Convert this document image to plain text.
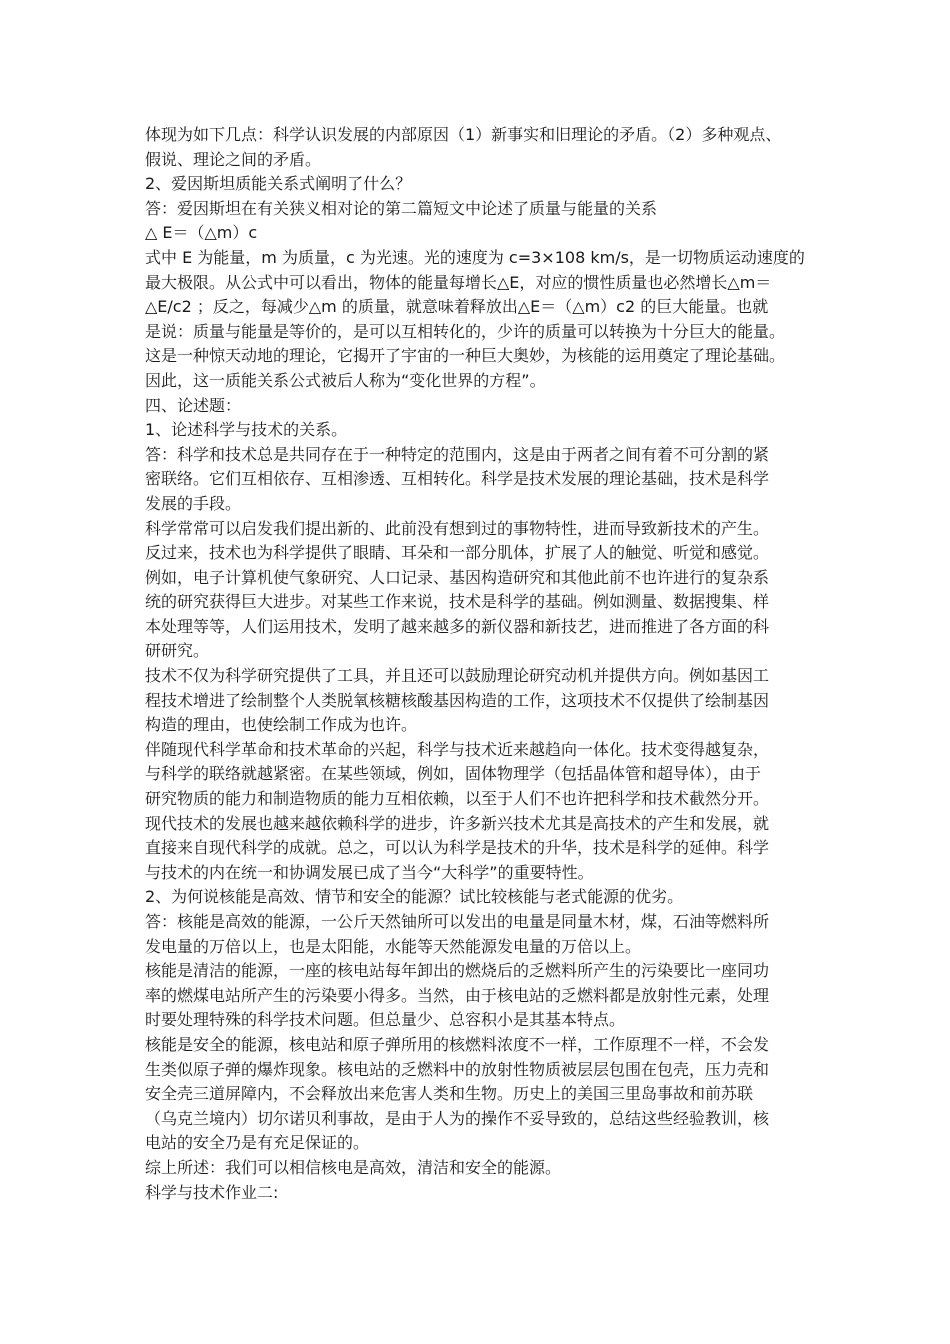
体现为如下几点：科学认识发展的内部原因（1）新事实和旧理论的矛盾。（2）多种观点、
假说、理论之间的矛盾。
2、爱因斯坦质能关系式阐明了什么？
答：爱因斯坦在有关狭义相对论的第二篇短文中论述了质量与能量的关系
△ E＝（△m）c
式中 E 为能量，m 为质量，c 为光速。光的速度为 c=3×108 km/s，是一切物质运动速度的
最大极限。从公式中可以看出，物体的能量每增长△E，对应的惯性质量也必然增长△m＝
△E/c2 ；反之，每减少△m 的质量，就意味着释放出△E＝（△m）c2 的巨大能量。也就
是说：质量与能量是等价的，是可以互相转化的，少许的质量可以转换为十分巨大的能量。
这是一种惊天动地的理论，它揭开了宇宙的一种巨大奥妙，为核能的运用奠定了理论基础。
因此，这一质能关系公式被后人称为“变化世界的方程”。
四、论述题：
1、论述科学与技术的关系。
答：科学和技术总是共同存在于一种特定的范围内，这是由于两者之间有着不可分割的紧
密联络。它们互相依存、互相渗透、互相转化。科学是技术发展的理论基础，技术是科学
发展的手段。
科学常常可以启发我们提出新的、此前没有想到过的事物特性，进而导致新技术的产生。
反过来，技术也为科学提供了眼睛、耳朵和一部分肌体，扩展了人的触觉、听觉和感觉。
例如，电子计算机使气象研究、人口记录、基因构造研究和其他此前不也许进行的复杂系
统的研究获得巨大进步。对某些工作来说，技术是科学的基础。例如测量、数据搜集、样
本处理等等，人们运用技术，发明了越来越多的新仪器和新技艺，进而推进了各方面的科
研研究。
技术不仅为科学研究提供了工具，并且还可以鼓励理论研究动机并提供方向。例如基因工
程技术增进了绘制整个人类脱氧核糖核酸基因构造的工作，这项技术不仅提供了绘制基因
构造的理由，也使绘制工作成为也许。
伴随现代科学革命和技术革命的兴起，科学与技术近来越趋向一体化。技术变得越复杂，
与科学的联络就越紧密。在某些领域，例如，固体物理学（包括晶体管和超导体），由于
研究物质的能力和制造物质的能力互相依赖，以至于人们不也许把科学和技术截然分开。
现代技术的发展也越来越依赖科学的进步，许多新兴技术尤其是高技术的产生和发展，就
直接来自现代科学的成就。总之，可以认为科学是技术的升华，技术是科学的延伸。科学
与技术的内在统一和协调发展已成了当今“大科学”的重要特性。
2、为何说核能是高效、情节和安全的能源？试比较核能与老式能源的优劣。
答：核能是高效的能源，一公斤天然铀所可以发出的电量是同量木材，煤，石油等燃料所
发电量的万倍以上，也是太阳能，水能等天然能源发电量的万倍以上。
核能是清洁的能源，一座的核电站每年卸出的燃烧后的乏燃料所产生的污染要比一座同功
率的燃煤电站所产生的污染要小得多。当然，由于核电站的乏燃料都是放射性元素，处理
时要处理特殊的科学技术问题。但总量少、总容积小是其基本特点。
核能是安全的能源，核电站和原子弹所用的核燃料浓度不一样，工作原理不一样，不会发
生类似原子弹的爆炸现象。核电站的乏燃料中的放射性物质被层层包围在包壳，压力壳和
安全壳三道屏障内，不会释放出来危害人类和生物。历史上的美国三里岛事故和前苏联
（乌克兰境内）切尔诺贝利事故，是由于人为的操作不妥导致的，总结这些经验教训，核
电站的安全乃是有充足保证的。
综上所述：我们可以相信核电是高效，清洁和安全的能源。
科学与技术作业二:
